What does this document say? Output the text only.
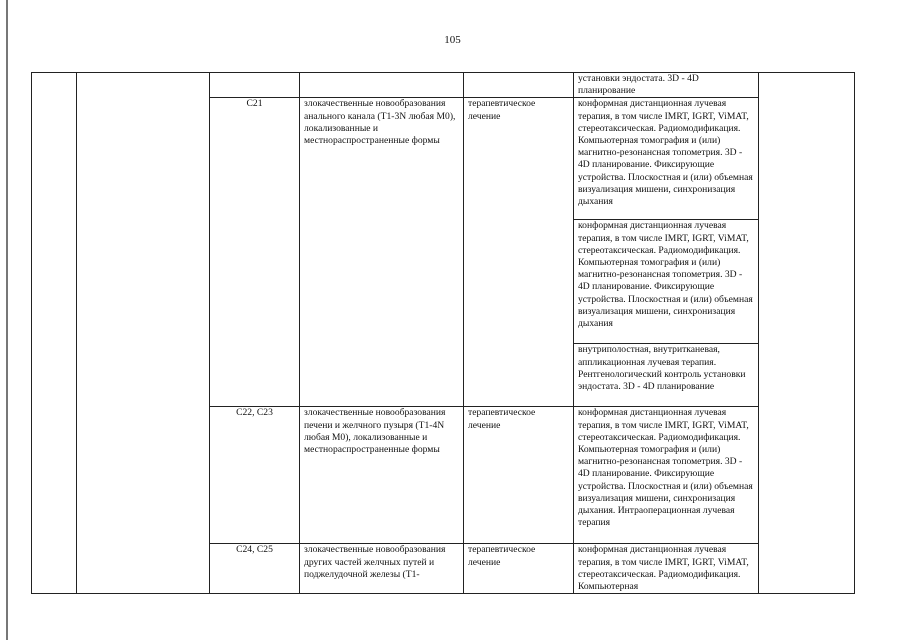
105

					установки эндостата. 3D - 4D планирование	

		C21	злокачественные новообразования анального канала (T1-3N любая M0), локализованные и местнораспространенные формы	терапевтическое лечение	конформная дистанционная лучевая терапия, в том числе IMRT, IGRT, ViMAT, стереотаксическая. Радиомодификация. Компьютерная томография и (или) магнитно-резонансная топометрия. 3D - 4D планирование. Фиксирующие устройства. Плоскостная и (или) объемная визуализация мишени, синхронизация дыхания	

					конформная дистанционная лучевая терапия, в том числе IMRT, IGRT, ViMAT, стереотаксическая. Радиомодификация. Компьютерная томография и (или) магнитно-резонансная топометрия. 3D - 4D планирование. Фиксирующие устройства. Плоскостная и (или) объемная визуализация мишени, синхронизация дыхания	

					внутриполостная, внутритканевая, аппликационная лучевая терапия. Рентгенологический контроль установки эндостата. 3D - 4D планирование	

		C22, C23	злокачественные новообразования печени и желчного пузыря (T1-4N любая M0), локализованные и местнораспространенные формы	терапевтическое лечение	конформная дистанционная лучевая терапия, в том числе IMRT, IGRT, ViMAT, стереотаксическая. Радиомодификация. Компьютерная томография и (или) магнитно-резонансная топометрия. 3D - 4D планирование. Фиксирующие устройства. Плоскостная и (или) объемная визуализация мишени, синхронизация дыхания. Интраоперационная лучевая терапия	

		C24, C25	злокачественные новообразования других частей желчных путей и поджелудочной железы (T1-	терапевтическое лечение	конформная дистанционная лучевая терапия, в том числе IMRT, IGRT, ViMAT, стереотаксическая. Радиомодификация. Компьютерная	
